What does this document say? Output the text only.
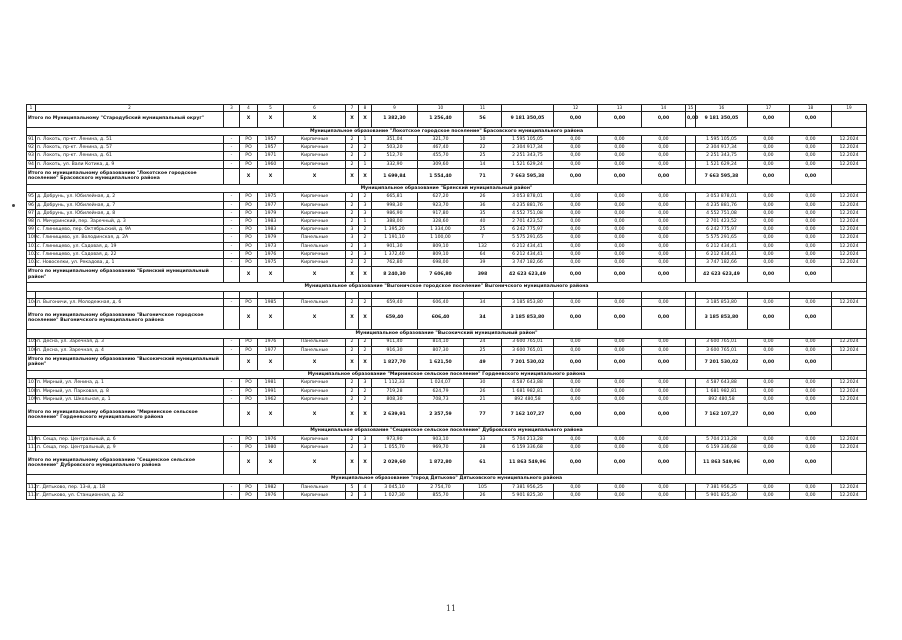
1	2	3	4	5	6	7	8	9	10	11		12	13	14	15	16	17	18	19
Итого по Муниципальному "Стародубский муниципальный округ"			X	X	X	X	X	1 382,30	1 256,40	56	9 181 350,05	0,00	0,00	0,00	0,00	9 181 350,05	0,00	0,00	
Муниципальное образование "Локотское городское поселение" Брасовского муниципального района																			
91	п. Локоть, пр-кт. Ленина, д. 51	-	РО	1957	Кирпичные	2	1	351,04	321,70	10	1 595 105,05	0,00	0,00	0,00		1 595 105,05	0,00	0,00	12.2024
92	п. Локоть, пр-кт. Ленина, д. 57	-	РО	1957	Кирпичные	2	2	503,20	467,40	22	2 304 917,34	0,00	0,00	0,00		2 304 917,34	0,00	0,00	12.2024
93	п. Локоть, пр-кт. Ленина, д. 61	-	РО	1971	Кирпичные	2	2	512,70	455,70	25	2 251 343,75	0,00	0,00	0,00		2 251 343,75	0,00	0,00	12.2024
94	п. Локоть, ул. Вали Котика, д. 9	-	РО	1960	Кирпичные	2	1	332,90	309,60	14	1 521 629,24	0,00	0,00	0,00		1 521 629,24	0,00	0,00	12.2024
Итого по муниципальному образованию "Локотское городское поселение" Брасовского муниципального района			X	X	X	X	X	1 699,84	1 554,40	71	7 663 595,38	0,00	0,00	0,00		7 663 595,38	0,00	0,00	
Муниципальное образование "Брянский муниципальный район"																			
95	д. Добрунь, ул. Юбилейная, д. 2	-	РО	1975	Кирпичные	2	2	665,81	627,20	26	3 053 878,01	0,00	0,00	0,00		3 053 878,01	0,00	0,00	12.2024
96	д. Добрунь, ул. Юбилейная, д. 7	-	РО	1977	Кирпичные	2	3	998,30	923,70	36	4 235 881,76	0,00	0,00	0,00		4 235 881,76	0,00	0,00	12.2024
97	д. Добрунь, ул. Юбилейная, д. 8	-	РО	1979	Кирпичные	2	3	986,90	917,80	35	4 552 751,08	0,00	0,00	0,00		4 552 751,08	0,00	0,00	12.2024
98	п. Мичуринский, пер. Заречный, д. 3	-	РО	1983	Кирпичные	2	1	388,00	328,60	40	2 701 423,52	0,00	0,00	0,00		2 701 423,52	0,00	0,00	12.2024
99	с. Глинищево, пер. Октябрьский, д. 9А	-	РО	1983	Кирпичные	3	2	1 395,20	1 334,00	25	6 242 775,97	0,00	0,00	0,00		6 242 775,97	0,00	0,00	12.2024
100	с. Глинищево, ул. Володинская, д. 2А	-	РО	1979	Панельные	3	2	1 191,10	1 100,00	7	5 575 291,65	0,00	0,00	0,00		5 575 291,65	0,00	0,00	12.2024
101	с. Глинищево, ул. Садовая, д. 19	-	РО	1973	Панельные	2	3	901,30	809,10	132	6 212 434,41	0,00	0,00	0,00		6 212 434,41	0,00	0,00	12.2024
102	с. Глинищево, ул. Садовая, д. 22	-	РО	1976	Кирпичные	2	3	1 372,40	809,10	64	6 212 434,41	0,00	0,00	0,00		6 212 434,41	0,00	0,00	12.2024
103	с. Новоселки, ул. Рекадова, д. 1	-	РО	1975	Кирпичные	2	2	762,80	698,00	39	3 747 182,66	0,00	0,00	0,00		3 747 182,66	0,00	0,00	12.2024
Итого по муниципальному образованию "Брянский муниципальный район"			X	X	X	X	X	8 240,30	7 606,80	398	42 623 623,49	0,00	0,00	0,00		42 623 623,49	0,00	0,00	
Муниципальное образование "Выгоничское городское поселение" Выгоничского муниципального района																			

104	п. Выгоничи, ул. Молодежная, д. 6	-	РО	1985	Панельные	2	2	659,40	606,40	34	3 185 853,80	0,00	0,00	0,00		3 185 853,80	0,00	0,00	12.2024
Итого по муниципальному образованию "Выгоничское городское поселение" Выгоничского муниципального района			X	X	X	X	X	659,40	606,40	34	3 185 853,80	0,00	0,00	0,00		3 185 853,80	0,00	0,00	
Муниципальное образование "Высокичский муниципальный район"																			
105	п. Десна, ул. Заречная, д. 3	-	РО	1976	Панельные	2	2	911,40	814,10	24	3 600 765,01	0,00	0,00	0,00		3 600 765,01	0,00	0,00	12.2024
106	п. Десна, ул. Заречная, д. 4	-	РО	1977	Панельные	2	2	916,30	807,30	25	3 600 765,01	0,00	0,00	0,00		3 600 765,01	0,00	0,00	12.2024
Итого по муниципальному образованию "Высокичский муниципальный район"			X	X	X	X	X	1 827,70	1 621,50	49	7 201 530,02	0,00	0,00	0,00		7 201 530,02	0,00	0,00	
Муниципальное образование "Мирнинское сельское поселение" Гордеевского муниципального района																			
107	п. Мирный, ул. Ленина, д. 1	-	РО	1981	Кирпичные	2	3	1 112,33	1 024,07	30	4 587 643,88	0,00	0,00	0,00		4 587 643,88	0,00	0,00	12.2024
108	п. Мирный, ул. Парковая, д. 8	-	РО	1991	Кирпичные	2	2	719,28	624,79	26	1 681 982,81	0,00	0,00	0,00		1 681 982,81	0,00	0,00	12.2024
109	п. Мирный, ул. Школьная, д. 1	-	РО	1962	Кирпичные	2	2	808,30	708,73	21	892 480,58	0,00	0,00	0,00		892 480,58	0,00	0,00	12.2024
Итого по муниципальному образованию "Мирнинское сельское поселение" Гордеевского муниципального района			X	X	X	X	X	2 639,91	2 357,59	77	7 162 107,27	0,00	0,00	0,00		7 162 107,27	0,00	0,00	
Муниципальное образование "Сещинское сельское поселение" Дубровского муниципального района																			
110	п. Сеща, пер. Центральный, д. 6	-	РО	1976	Кирпичные	2	3	973,90	903,10	33	5 704 213,28	0,00	0,00	0,00		5 704 213,28	0,00	0,00	12.2024
111	п. Сеща, пер. Центральный, д. 9	-	РО	1980	Кирпичные	2	3	1 055,70	969,70	28	6 159 336,68	0,00	0,00	0,00		6 159 336,68	0,00	0,00	12.2024
Итого по муниципальному образованию "Сещинское сельское поселение" Дубровского муниципального района			X	X	X	X	X	2 029,60	1 872,80	61	11 863 549,96	0,00	0,00	0,00		11 863 549,96	0,00	0,00	
Муниципальное образование "город Дятьково" Дятьковского муниципального района																			
112	г. Дятьково, пер. 13-й, д. 18	-	РО	1982	Панельные	5	4	3 045,10	2 754,70	105	7 381 956,25	0,00	0,00	0,00		7 381 956,25	0,00	0,00	12.2024
113	г. Дятьково, ул. Станционная, д. 32	-	РО	1976	Кирпичные	2	3	1 027,30	855,70	26	5 901 825,30	0,00	0,00	0,00		5 901 825,30	0,00	0,00	12.2024
11
